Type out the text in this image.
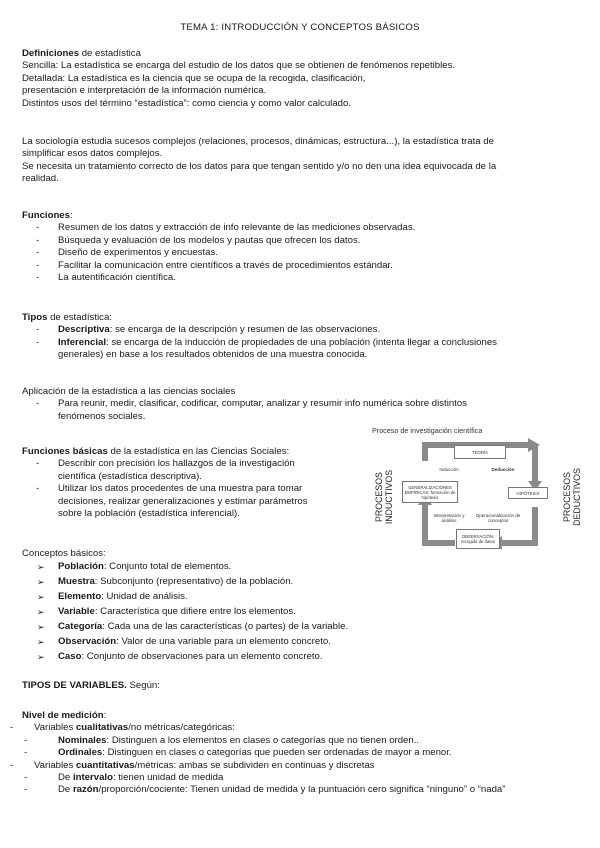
TEMA 1: INTRODUCCIÓN Y CONCEPTOS BÁSICOS

Definiciones de estadística

Sencilla: La estadística se encarga del estudio de los datos que se obtienen de fenómenos repetibles.

Detallada: La estadística es la ciencia que se ocupa de la recogida, clasificación,

presentación e interpretación de la información numérica.

Distintos usos del término “estadística”: como ciencia y como valor calculado.

La sociología estudia sucesos complejos (relaciones, procesos, dinámicas, estructura...), la estadística trata de

simplificar esos datos complejos.

Se necesita un tratamiento correcto de los datos para que tengan sentido y/o no den una idea equivocada de la

realidad.

Funciones:

- Resumen de los datos y extracción de info relevante de las mediciones observadas.
- Búsqueda y evaluación de los modelos y pautas que ofrecen los datos.
- Diseño de experimentos y encuestas.
- Facilitar la comunicación entre científicos a través de procedimientos estándar.
- La autentificación científica.

Tipos de estadística:

- Descriptiva: se encarga de la descripción y resumen de las observaciones.
- Inferencial: se encarga de la inducción de propiedades de una población (intenta llegar a conclusiones
generales) en base a los resultados obtenidos de una muestra conocida.

Aplicación de la estadística a las ciencias sociales

- Para reunir, medir, clasificar, codificar, computar, analizar y resumir info numérica sobre distintos
fenómenos sociales.

Funciones básicas de la estadística en las Ciencias Sociales:

- Describir con precisión los hallazgos de la investigación
científica (estadística descriptiva).
- Utilizar los datos procedentes de una muestra para tomar
decisiones, realizar generalizaciones y estimar parámetros
sobre la población (estadística inferencial).
Proceso de investigación científica
PROCESOS INDUCTIVOS	PROCESOS DEDUCTIVOS
TEORÍA
GENERALIZACIONES EMPÍRICAS: formación de hipótesis
HIPÓTESIS
OBSERVACIÓN: recogida de datos
Inducción	Deducción
Interpretación y análisis
Operacionalización de conceptos

Conceptos básicos:

➢ Población: Conjunto total de elementos.
➢ Muestra: Subconjunto (representativo) de la población.
➢ Elemento: Unidad de análisis.
➢ Variable: Característica que difiere entre los elementos.
➢ Categoría: Cada una de las características (o partes) de la variable.
➢ Observación: Valor de una variable para un elemento concreto.
➢ Caso: Conjunto de observaciones para un elemento concreto.

TIPOS DE VARIABLES. Según:

Nivel de medición:

- Variables cualitativas/no métricas/categóricas:
- Nominales: Distinguen a los elementos en clases o categorías que no tienen orden..
- Ordinales: Distinguen en clases o categorías que pueden ser ordenadas de mayor a menor.
- Variables cuantitativas/métricas: ambas se subdividen en continuas y discretas
- De intervalo: tienen unidad de medida
- De razón/proporción/cociente: Tienen unidad de medida y la puntuación cero significa “ninguno” o “nada”
